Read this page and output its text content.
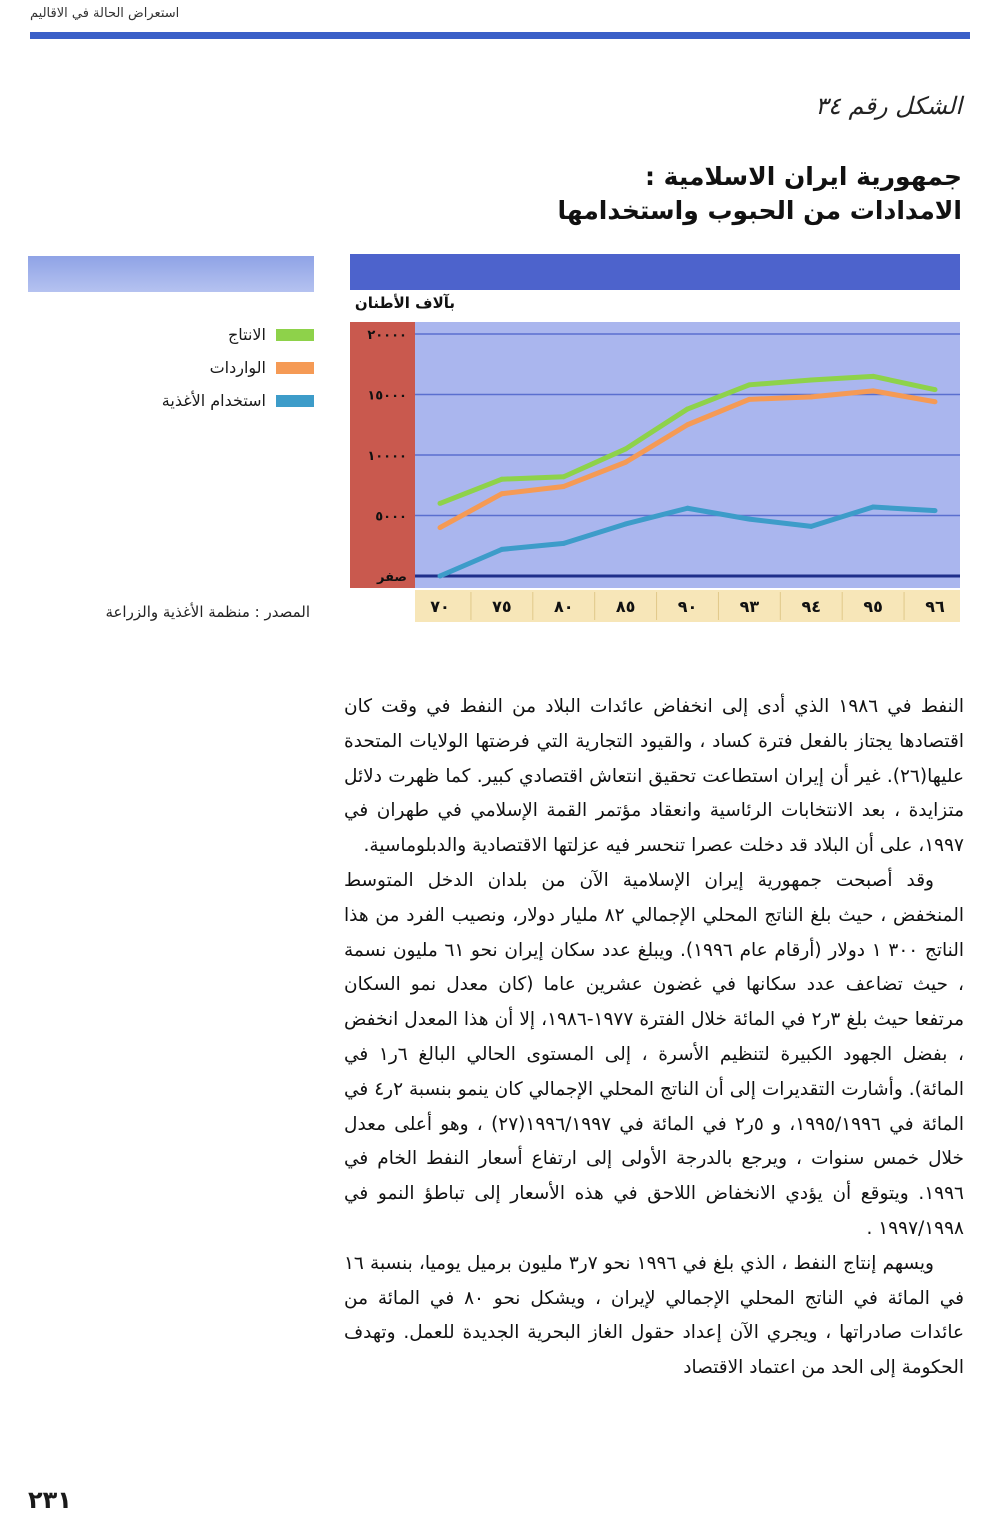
استعراض الحالة في الاقاليم
الشكل رقم ٣٤
جمهورية ايران الاسلامية :
الامدادات من الحبوب واستخدامها
الانتاج
الواردات
استخدام الأغذية
المصدر : منظمة الأغذية والزراعة
بآلاف الأطنان
صفر
٥٠٠٠
١٠٠٠٠
١٥٠٠٠
٢٠٠٠٠
٧٠	٧٥	٨٠	٨٥	٩٠	٩٣	٩٤	٩٥	٩٦

النفط في ١٩٨٦ الذي أدى إلى انخفاض عائدات البلاد من النفط في وقت كان اقتصادها يجتاز بالفعل فترة كساد ، والقيود التجارية التي فرضتها الولايات المتحدة عليها(٢٦). غير أن إيران استطاعت تحقيق انتعاش اقتصادي كبير. كما ظهرت دلائل متزايدة ، بعد الانتخابات الرئاسية وانعقاد مؤتمر القمة الإسلامي في طهران في ١٩٩٧، على أن البلاد قد دخلت عصرا تنحسر فيه عزلتها الاقتصادية والدبلوماسية.

وقد أصبحت جمهورية إيران الإسلامية الآن من بلدان الدخل المتوسط المنخفض ، حيث بلغ الناتج المحلي الإجمالي ٨٢ مليار دولار، ونصيب الفرد من هذا الناتج ٣٠٠ ١ دولار (أرقام عام ١٩٩٦). ويبلغ عدد سكان إيران نحو ٦١ مليون نسمة ، حيث تضاعف عدد سكانها في غضون عشرين عاما (كان معدل نمو السكان مرتفعا حيث بلغ ٣ر٢ في المائة خلال الفترة ١٩٧٧-١٩٨٦، إلا أن هذا المعدل انخفض ، بفضل الجهود الكبيرة لتنظيم الأسرة ، إلى المستوى الحالي البالغ ٦ر١ في المائة). وأشارت التقديرات إلى أن الناتج المحلي الإجمالي كان ينمو بنسبة ٢ر٤ في المائة في ١٩٩٥/١٩٩٦، و ٥ر٢ في المائة في ١٩٩٦/١٩٩٧(٢٧) ، وهو أعلى معدل خلال خمس سنوات ، ويرجع بالدرجة الأولى إلى ارتفاع أسعار النفط الخام في ١٩٩٦. ويتوقع أن يؤدي الانخفاض اللاحق في هذه الأسعار إلى تباطؤ النمو في ١٩٩٧/١٩٩٨ .

ويسهم إنتاج النفط ، الذي بلغ في ١٩٩٦ نحو ٧ر٣ مليون برميل يوميا، بنسبة ١٦ في المائة في الناتج المحلي الإجمالي لإيران ، ويشكل نحو ٨٠ في المائة من عائدات صادراتها ، ويجري الآن إعداد حقول الغاز البحرية الجديدة للعمل. وتهدف الحكومة إلى الحد من اعتماد الاقتصاد

٢٣١
